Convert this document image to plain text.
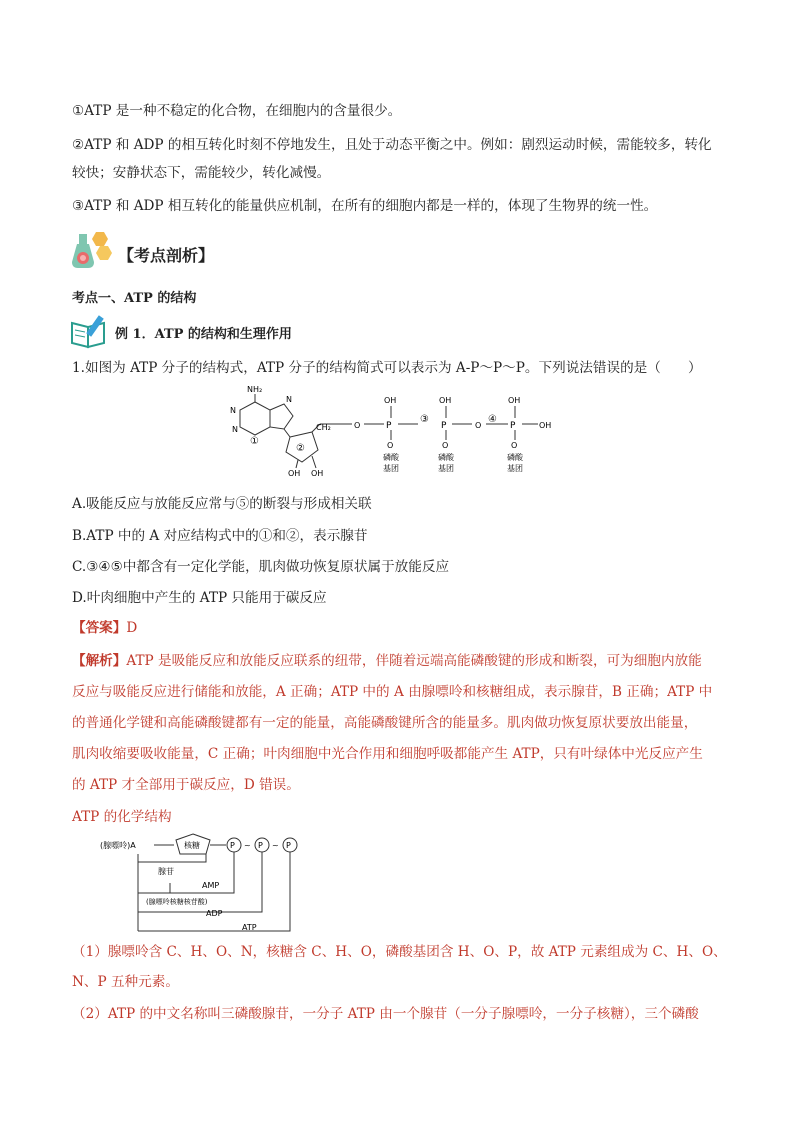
①ATP 是一种不稳定的化合物，在细胞内的含量很少。
②ATP 和 ADP 的相互转化时刻不停地发生，且处于动态平衡之中。例如：剧烈运动时候，需能较多，转化
较快；安静状态下，需能较少，转化减慢。
③ATP 和 ADP 相互转化的能量供应机制，在所有的细胞内都是一样的，体现了生物界的统一性。
【考点剖析】
考点一、ATP 的结构
例 1．ATP 的结构和生理作用
1.如图为 ATP 分子的结构式，ATP 分子的结构简式可以表示为 A-P～P～P。下列说法错误的是（　　）
NH₂
N
N
N
①
②
CH₂	O	P
OH
O
③
P
OH
O
O
④
P
OH
O
OH
OH OH
磷酸
基团
磷酸
基团
磷酸
基团
A.吸能反应与放能反应常与⑤的断裂与形成相关联
B.ATP 中的 A 对应结构式中的①和②，表示腺苷
C.③④⑤中都含有一定化学能，肌肉做功恢复原状属于放能反应
D.叶肉细胞中产生的 ATP 只能用于碳反应
【答案】D
【解析】ATP 是吸能反应和放能反应联系的纽带，伴随着远端高能磷酸键的形成和断裂，可为细胞内放能
反应与吸能反应进行储能和放能，A 正确；ATP 中的 A 由腺嘌呤和核糖组成，表示腺苷，B 正确；ATP 中
的普通化学键和高能磷酸键都有一定的能量，高能磷酸键所含的能量多。肌肉做功恢复原状要放出能量，
肌肉收缩要吸收能量，C 正确；叶肉细胞中光合作用和细胞呼吸都能产生 ATP，只有叶绿体中光反应产生
的 ATP 才全部用于碳反应，D 错误。
ATP 的化学结构
(腺嘌呤)A	核糖	P ~ P ~ P
腺苷
AMP
(腺嘌呤核糖核苷酸)
ADP
ATP
（1）腺嘌呤含 C、H、O、N，核糖含 C、H、O，磷酸基团含 H、O、P，故 ATP 元素组成为 C、H、O、
N、P 五种元素。
（2）ATP 的中文名称叫三磷酸腺苷，一分子 ATP 由一个腺苷（一分子腺嘌呤，一分子核糖），三个磷酸
